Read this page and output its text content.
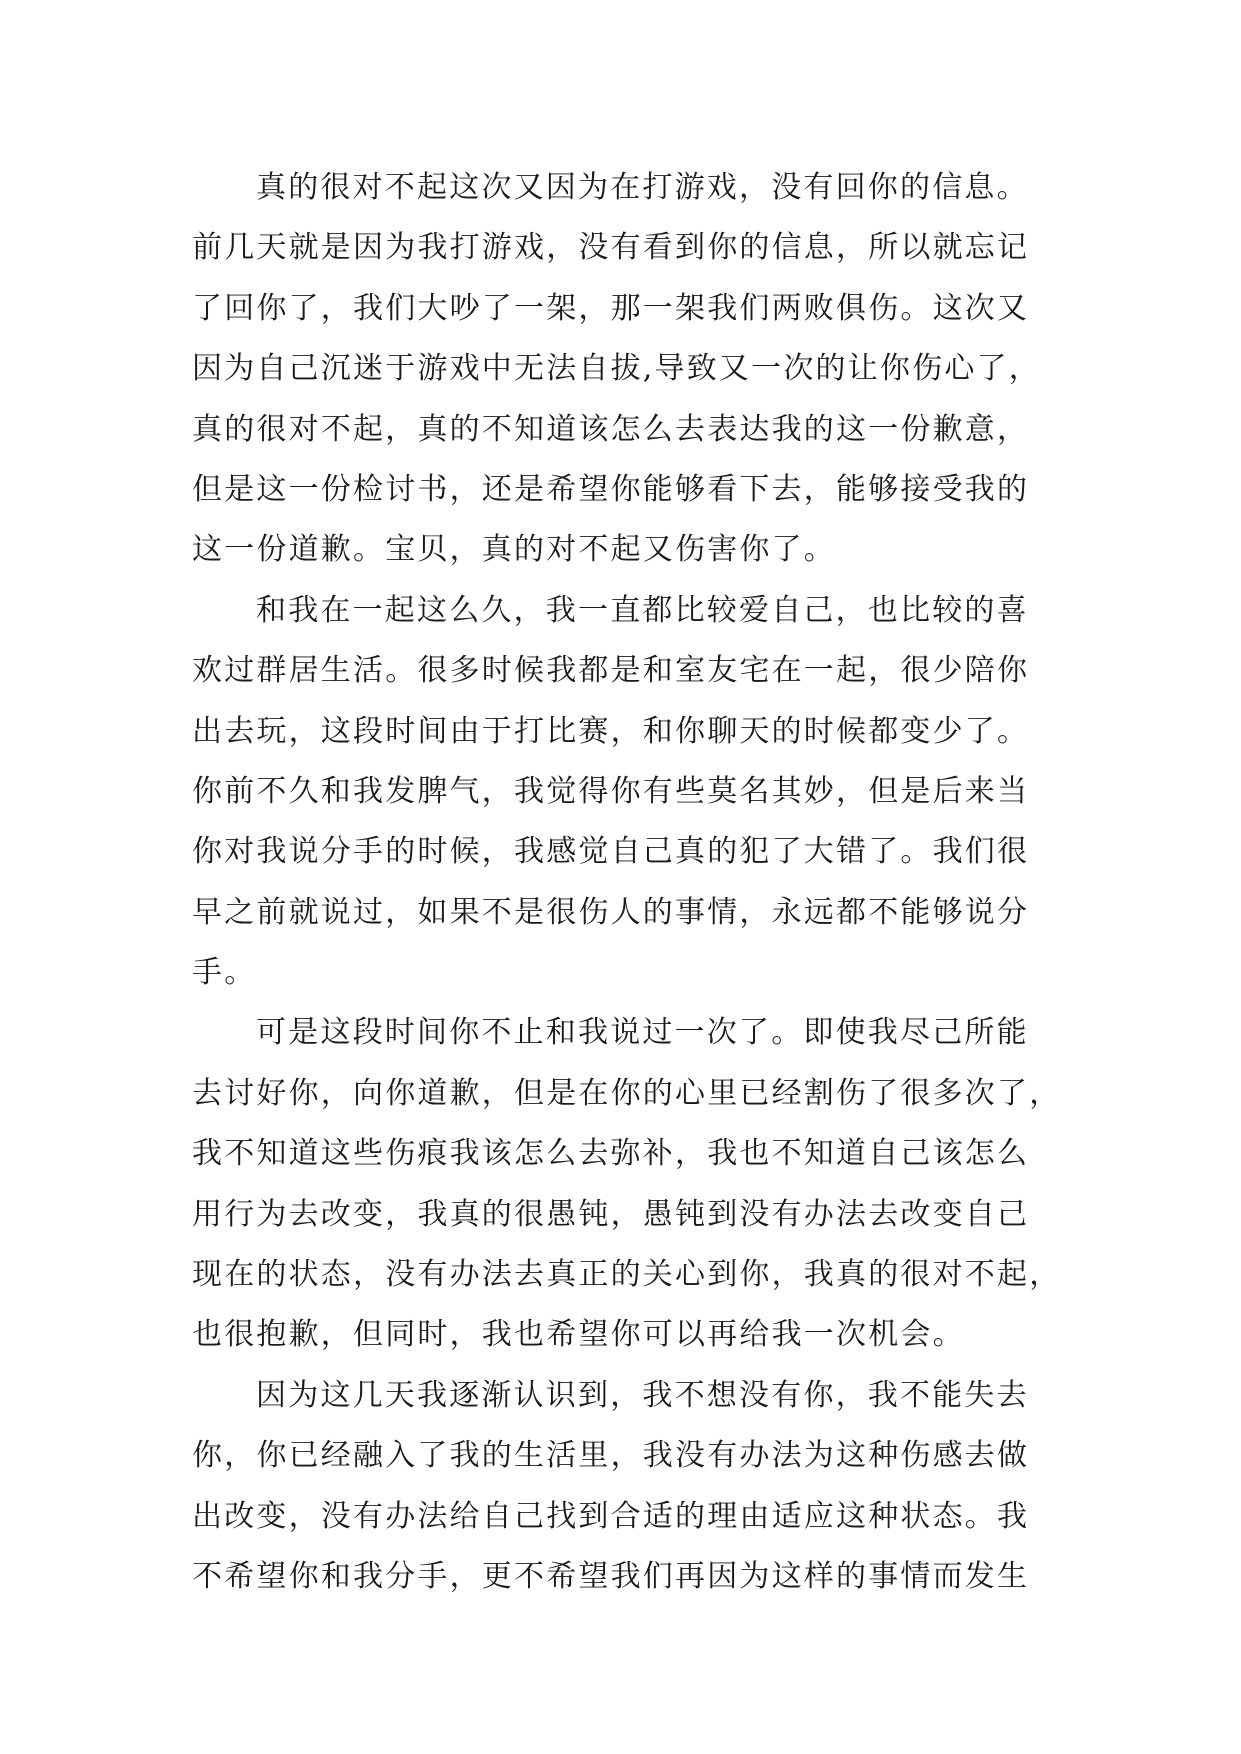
真的很对不起这次又因为在打游戏，没有回你的信息。
前几天就是因为我打游戏，没有看到你的信息，所以就忘记
了回你了，我们大吵了一架，那一架我们两败俱伤。这次又
因为自己沉迷于游戏中无法自拔,导致又一次的让你伤心了，
真的很对不起，真的不知道该怎么去表达我的这一份歉意，
但是这一份检讨书，还是希望你能够看下去，能够接受我的
这一份道歉。宝贝，真的对不起又伤害你了。
和我在一起这么久，我一直都比较爱自己，也比较的喜
欢过群居生活。很多时候我都是和室友宅在一起，很少陪你
出去玩，这段时间由于打比赛，和你聊天的时候都变少了。
你前不久和我发脾气，我觉得你有些莫名其妙，但是后来当
你对我说分手的时候，我感觉自己真的犯了大错了。我们很
早之前就说过，如果不是很伤人的事情，永远都不能够说分
手。
可是这段时间你不止和我说过一次了。即使我尽己所能
去讨好你，向你道歉，但是在你的心里已经割伤了很多次了，
我不知道这些伤痕我该怎么去弥补，我也不知道自己该怎么
用行为去改变，我真的很愚钝，愚钝到没有办法去改变自己
现在的状态，没有办法去真正的关心到你，我真的很对不起，
也很抱歉，但同时，我也希望你可以再给我一次机会。
因为这几天我逐渐认识到，我不想没有你，我不能失去
你，你已经融入了我的生活里，我没有办法为这种伤感去做
出改变，没有办法给自己找到合适的理由适应这种状态。我
不希望你和我分手，更不希望我们再因为这样的事情而发生
